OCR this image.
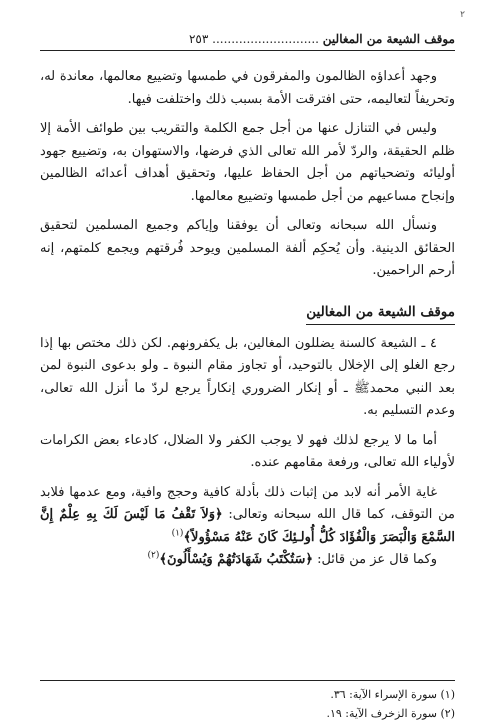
٢
موقف الشيعة من المغالين ............................ ٢٥٣

وجهد أعداؤه الظالمون والمفرقون في طمسها وتضييع معالمها، معاندة له، وتحريفاً لتعاليمه، حتى افترقت الأمة بسبب ذلك واختلفت فيها.

وليس في التنازل عنها من أجل جمع الكلمة والتقريب بين طوائف الأمة إلا ظلم الحقيقة، والردّ لأمر الله تعالى الذي فرضها، والاستهوان به، وتضييع جهود أوليائه وتضحياتهم من أجل الحفاظ عليها، وتحقيق أهداف أعدائه الظالمين وإنجاح مساعيهم من أجل طمسها وتضييع معالمها.

ونسأل الله سبحانه وتعالى أن يوفقنا وإياكم وجميع المسلمين لتحقيق الحقائق الدينية. وأن يُحكِم ألفة المسلمين ويوحد فُرقتهم ويجمع كلمتهم، إنه أرحم الراحمين.

موقف الشيعة من المغالين

٤ ـ الشيعة كالسنة يضللون المغالين، بل يكفرونهم. لكن ذلك مختص بها إذا رجع الغلو إلى الإخلال بالتوحيد، أو تجاوز مقام النبوة ـ ولو بدعوى النبوة لمن بعد النبي محمدﷺ ـ أو إنكار الضروري إنكاراً يرجع لردّ ما أنزل الله تعالى، وعدم التسليم به.

أما ما لا يرجع لذلك فهو لا يوجب الكفر ولا الضلال، كادعاء بعض الكرامات لأولياء الله تعالى، ورفعة مقامهم عنده.

غاية الأمر أنه لابد من إثبات ذلك بأدلة كافية وحجج وافية، ومع عدمها فلابد من التوقف، كما قال الله سبحانه وتعالى: ﴿وَلاَ تَقْفُ مَا لَيْسَ لَكَ بِهِ عِلْمٌ إِنَّ السَّمْعَ وَالْبَصَرَ وَالْفُؤَادَ كُلُّ أُولـئِكَ كَانَ عَنْهُ مَسْؤُولاً﴾$^{(١)}$

وكما قال عز من قائل: ﴿سَتُكْتَبُ شَهَادَتُهُمْ وَيُسْأَلُونَ﴾$^{(٢)}$

(١) سورة الإسراء الآية: ٣٦.
(٢) سورة الزخرف الآية: ١٩.
